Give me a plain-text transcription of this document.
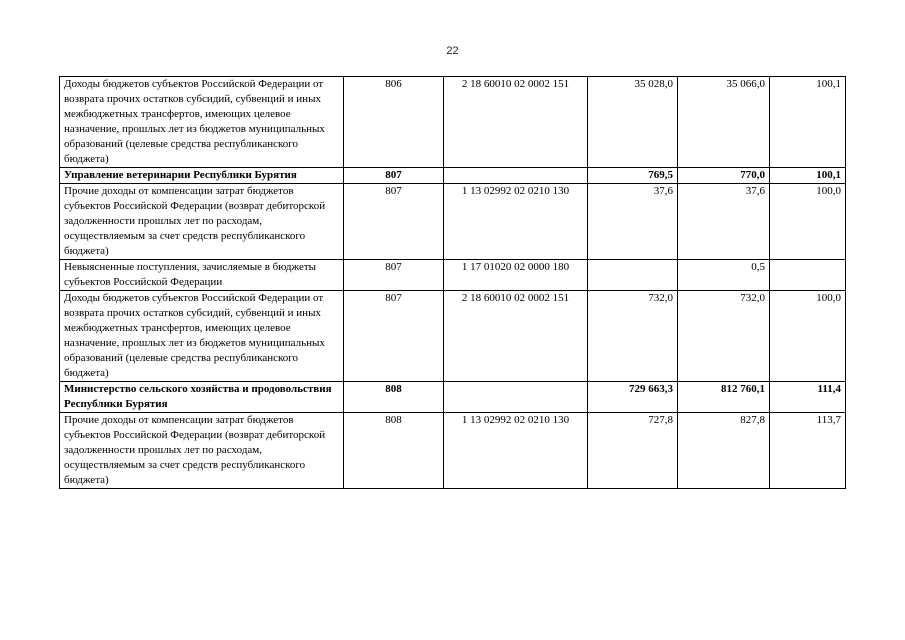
22
Доходы бюджетов субъектов Российской Федерации от возврата прочих остатков субсидий, субвенций и иных межбюджетных трансфертов, имеющих целевое назначение, прошлых лет из бюджетов муниципальных образований (целевые средства республиканского бюджета)	806	2 18 60010 02 0002 151	35 028,0	35 066,0	100,1
Управление ветеринарии Республики Бурятия	807		769,5	770,0	100,1
Прочие доходы от компенсации затрат бюджетов субъектов Российской Федерации (возврат дебиторской задолженности прошлых лет по расходам, осуществляемым за счет средств республиканского бюджета)	807	1 13 02992 02 0210 130	37,6	37,6	100,0
Невыясненные поступления, зачисляемые в бюджеты субъектов Российской Федерации	807	1 17 01020 02 0000 180		0,5	
Доходы бюджетов субъектов Российской Федерации от возврата прочих остатков субсидий, субвенций и иных межбюджетных трансфертов, имеющих целевое назначение, прошлых лет из бюджетов муниципальных образований (целевые средства республиканского бюджета)	807	2 18 60010 02 0002 151	732,0	732,0	100,0
Министерство сельского хозяйства и продовольствия Республики Бурятия	808		729 663,3	812 760,1	111,4
Прочие доходы от компенсации затрат бюджетов субъектов Российской Федерации (возврат дебиторской задолженности прошлых лет по расходам, осуществляемым за счет средств республиканского бюджета)	808	1 13 02992 02 0210 130	727,8	827,8	113,7
